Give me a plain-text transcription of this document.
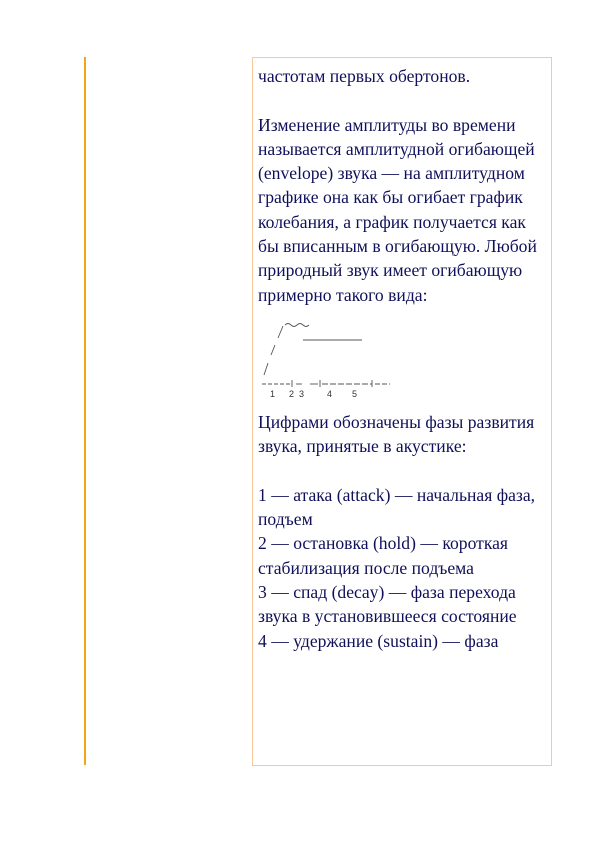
частотам первых обертонов.

Изменение амплитуды во времени называется амплитудной огибающей (envelope) звука — на амплитудном графике она как бы огибает график колебания, а график получается как бы вписанным в огибающую. Любой природный звук имеет огибающую примерно такого вида:

1 2 3	4 5

Цифрами обозначены фазы развития звука, принятые в акустике:

1 — атака (attack) — начальная фаза, подъем

2 — остановка (hold) — короткая стабилизация после подъема

3 — спад (decay) — фаза перехода звука в установившееся состояние

4 — удержание (sustain) — фаза
